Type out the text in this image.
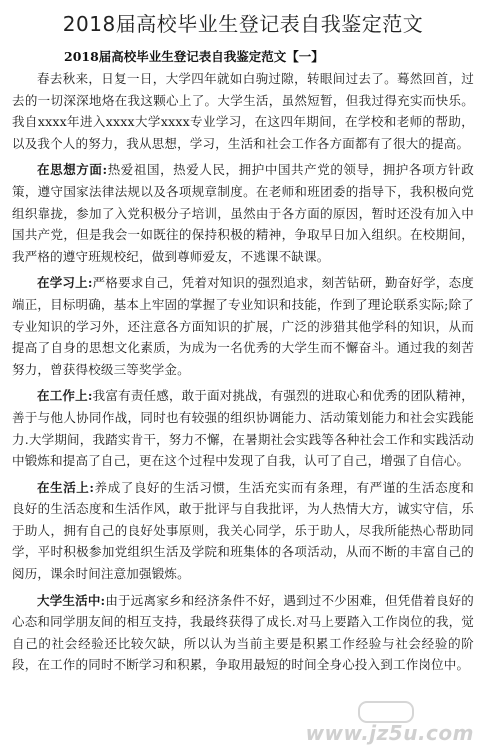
2018届高校毕业生登记表自我鉴定范文
2018届高校毕业生登记表自我鉴定范文【一】

春去秋来，日复一日，大学四年就如白驹过隙，转眼间过去了。蓦然回首，过去的一切深深地烙在我这颗心上了。大学生活，虽然短暂，但我过得充实而快乐。我自xxxx年进入xxxx大学xxxx专业学习，在这四年期间，在学校和老师的帮助，以及我个人的努力，我从思想，学习，生活和社会工作各方面都有了很大的提高。

在思想方面:热爱祖国，热爱人民，拥护中国共产党的领导，拥护各项方针政策，遵守国家法律法规以及各项规章制度。在老师和班团委的指导下，我积极向党组织靠拢，参加了入党积极分子培训，虽然由于各方面的原因，暂时还没有加入中国共产党，但是我会一如既往的保持积极的精神，争取早日加入组织。在校期间，我严格的遵守班规校纪，做到尊师爱友，不逃课不缺课。

在学习上:严格要求自己，凭着对知识的强烈追求，刻苦钻研，勤奋好学，态度端正，目标明确，基本上牢固的掌握了专业知识和技能，作到了理论联系实际;除了专业知识的学习外，还注意各方面知识的扩展，广泛的涉猎其他学科的知识，从而提高了自身的思想文化素质，为成为一名优秀的大学生而不懈奋斗。通过我的刻苦努力，曾获得校级三等奖学金。

在工作上:我富有责任感，敢于面对挑战，有强烈的进取心和优秀的团队精神，善于与他人协同作战，同时也有较强的组织协调能力、活动策划能力和社会实践能力.大学期间，我踏实肯干，努力不懈，在暑期社会实践等各种社会工作和实践活动中锻炼和提高了自己，更在这个过程中发现了自我，认可了自己，增强了自信心。

在生活上:养成了良好的生活习惯，生活充实而有条理，有严谨的生活态度和 良好的生活态度和生活作风，敢于批评与自我批评，为人热情大方，诚实守信，乐于助人，拥有自己的良好处事原则，我关心同学，乐于助人，尽我所能热心帮助同学，平时积极参加党组织生活及学院和班集体的各项活动，从而不断的丰富自己的阅历，课余时间注意加强锻炼。

大学生活中:由于远离家乡和经济条件不好，遇到过不少困难，但凭借着良好的心态和同学朋友间的相互支持，我最终获得了成长.对马上要踏入工作岗位的我，觉自己的社会经验还比较欠缺，所以认为当前主要是积累工作经验与社会经验的阶段，在工作的同时不断学习和积累，争取用最短的时间全身心投入到工作岗位中。

www.jz5u.com
